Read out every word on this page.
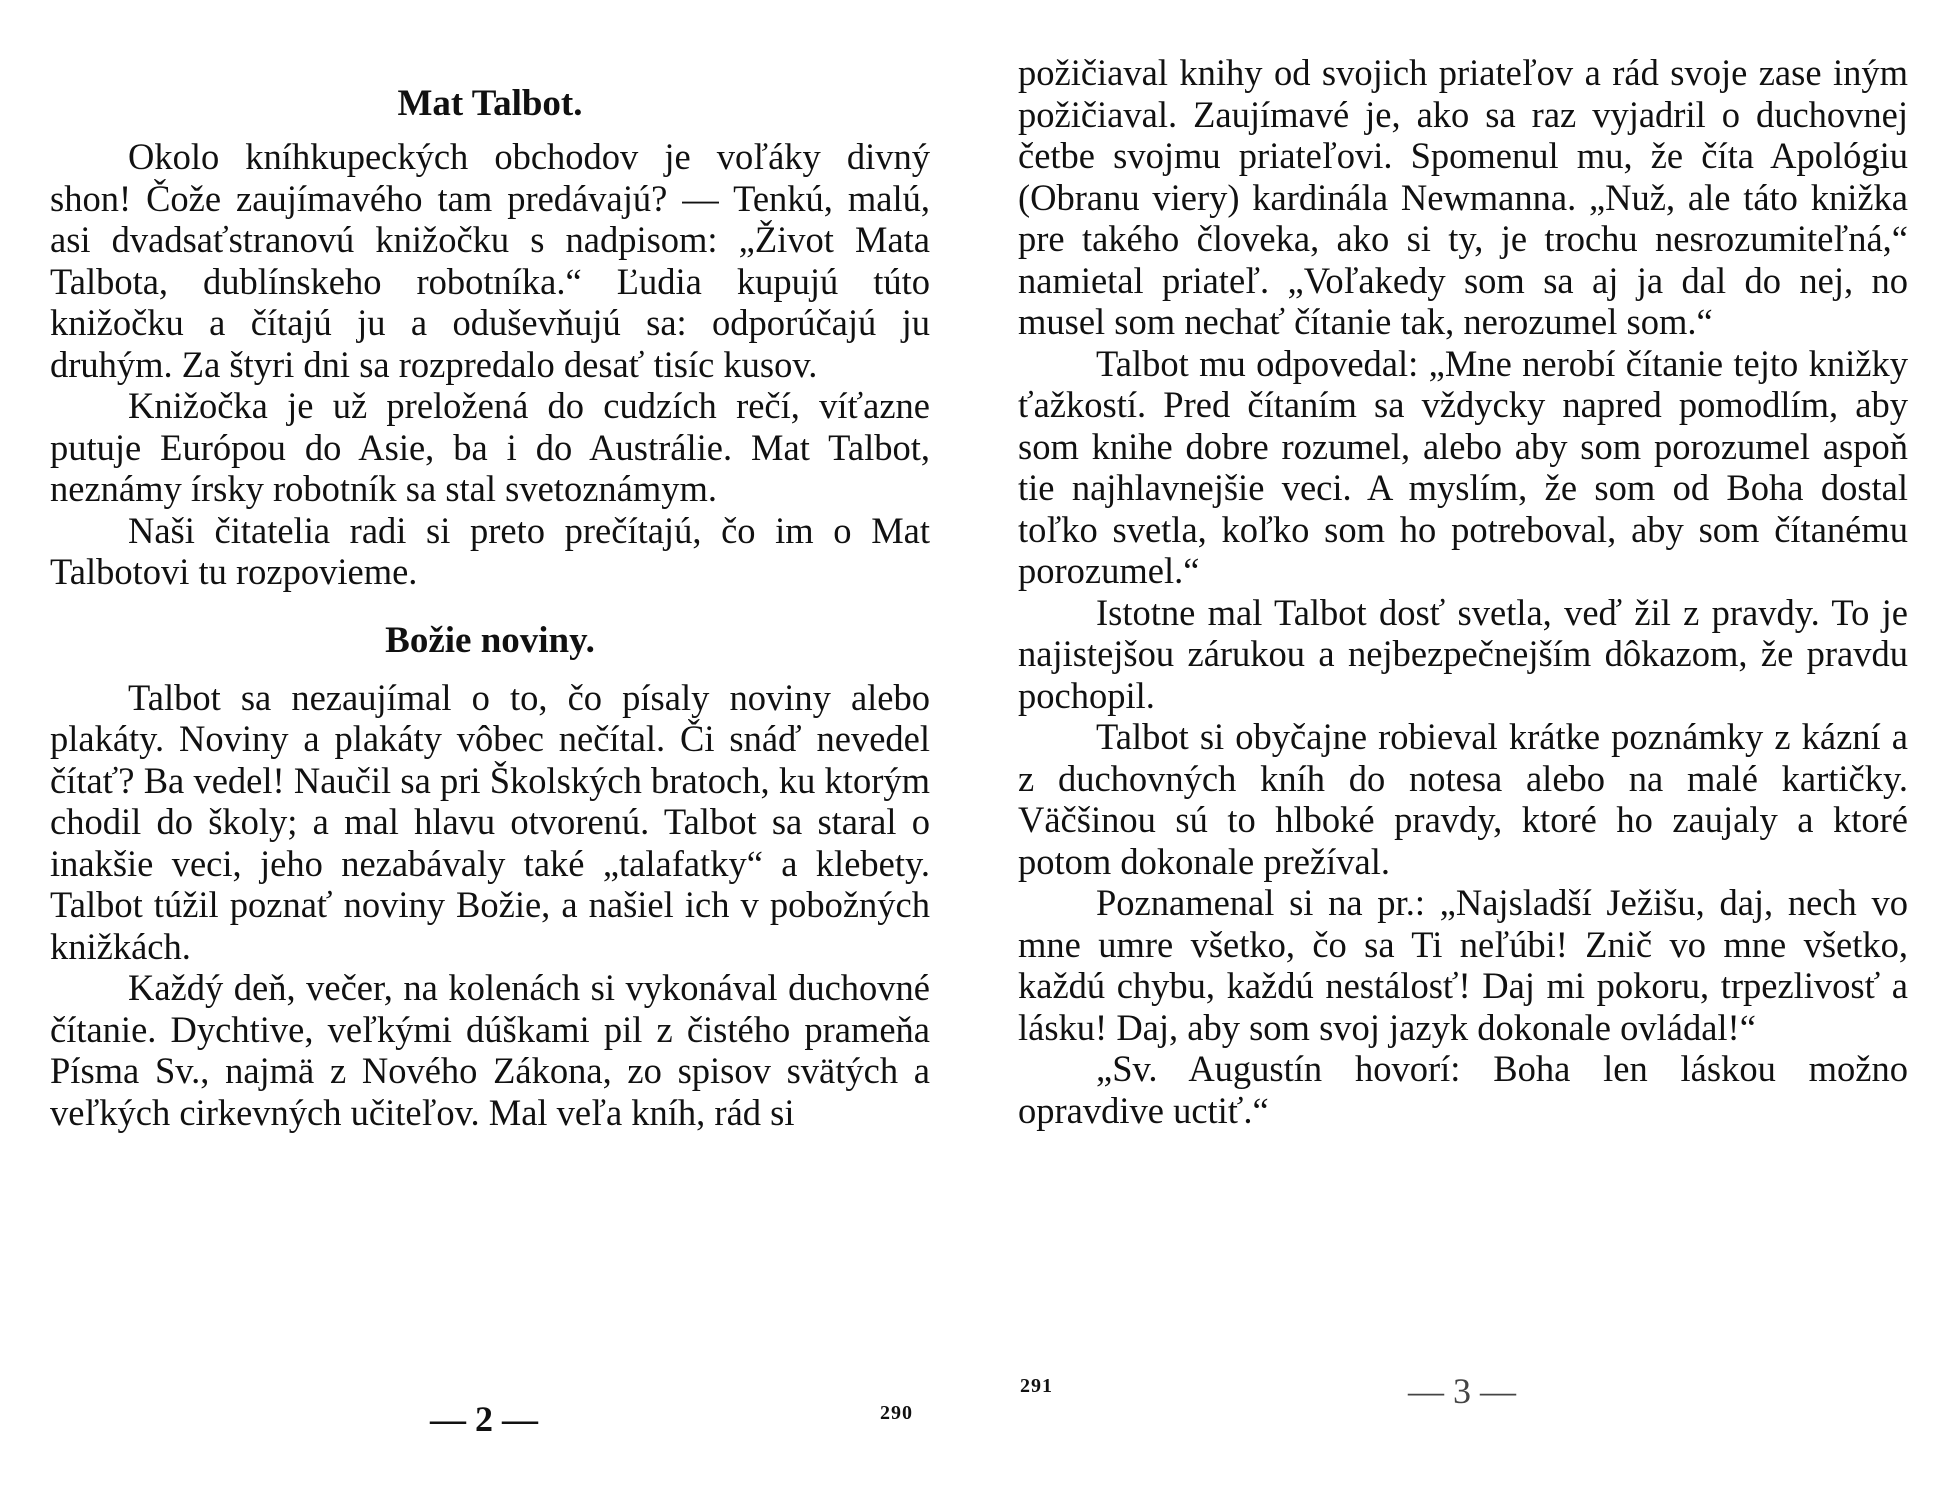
Mat Talbot.

Okolo kníhkupeckých obchodov je voľáky divný shon! Čože zaujímavého tam predávajú? — Tenkú, malú, asi dvadsaťstranovú knižočku s nadpisom: „Život Mata Talbota, dublínskeho robotníka.“ Ľudia kupujú túto knižočku a čítajú ju a oduševňujú sa: odporúčajú ju druhým. Za štyri dni sa rozpredalo desať tisíc kusov.

Knižočka je už preložená do cudzích rečí, víťazne putuje Európou do Asie, ba i do Austrálie. Mat Talbot, neznámy írsky robotník sa stal svetoznámym.

Naši čitatelia radi si preto prečítajú, čo im o Mat Talbotovi tu rozpovieme.

Božie noviny.

Talbot sa nezaujímal o to, čo písaly noviny alebo plakáty. Noviny a plakáty vôbec nečítal. Či snáď nevedel čítať? Ba vedel! Naučil sa pri Školských bratoch, ku ktorým chodil do školy; a mal hlavu otvorenú. Talbot sa staral o inakšie veci, jeho nezabávaly také „talafatky“ a klebety. Talbot túžil poznať noviny Božie, a našiel ich v pobožných knižkách.

Každý deň, večer, na kolenách si vykonával duchovné čítanie. Dychtive, veľkými dúškami pil z čistého prameňa Písma Sv., najmä z Nového Zákona, zo spisov svätých a veľkých cirkevných učiteľov. Mal veľa kníh, rád si

— 2 —	290

požičiaval knihy od svojich priateľov a rád svoje zase iným požičiaval. Zaujímavé je, ako sa raz vyjadril o duchovnej četbe svojmu priateľovi. Spomenul mu, že číta Apológiu (Obranu viery) kardinála Newmanna. „Nuž, ale táto knižka pre takého človeka, ako si ty, je trochu nesrozumiteľná,“ namietal priateľ. „Voľakedy som sa aj ja dal do nej, no musel som nechať čítanie tak, nerozumel som.“

Talbot mu odpovedal: „Mne nerobí čítanie tejto knižky ťažkostí. Pred čítaním sa vždycky napred pomodlím, aby som knihe dobre rozumel, alebo aby som porozumel aspoň tie najhlavnejšie veci. A myslím, že som od Boha dostal toľko svetla, koľko som ho potreboval, aby som čítanému porozumel.“

Istotne mal Talbot dosť svetla, veď žil z pravdy. To je najistejšou zárukou a nejbezpečnejším dôkazom, že pravdu pochopil.

Talbot si obyčajne robieval krátke poznámky z kázní a z duchovných kníh do notesa alebo na malé kartičky. Väčšinou sú to hlboké pravdy, ktoré ho zaujaly a ktoré potom dokonale prežíval.

Poznamenal si na pr.: „Najsladší Ježišu, daj, nech vo mne umre všetko, čo sa Ti neľúbi! Znič vo mne všetko, každú chybu, každú nestálosť! Daj mi pokoru, trpezlivosť a lásku! Daj, aby som svoj jazyk dokonale ovládal!“

„Sv. Augustín hovorí: Boha len láskou možno opravdive uctiť.“

291	— 3 —
